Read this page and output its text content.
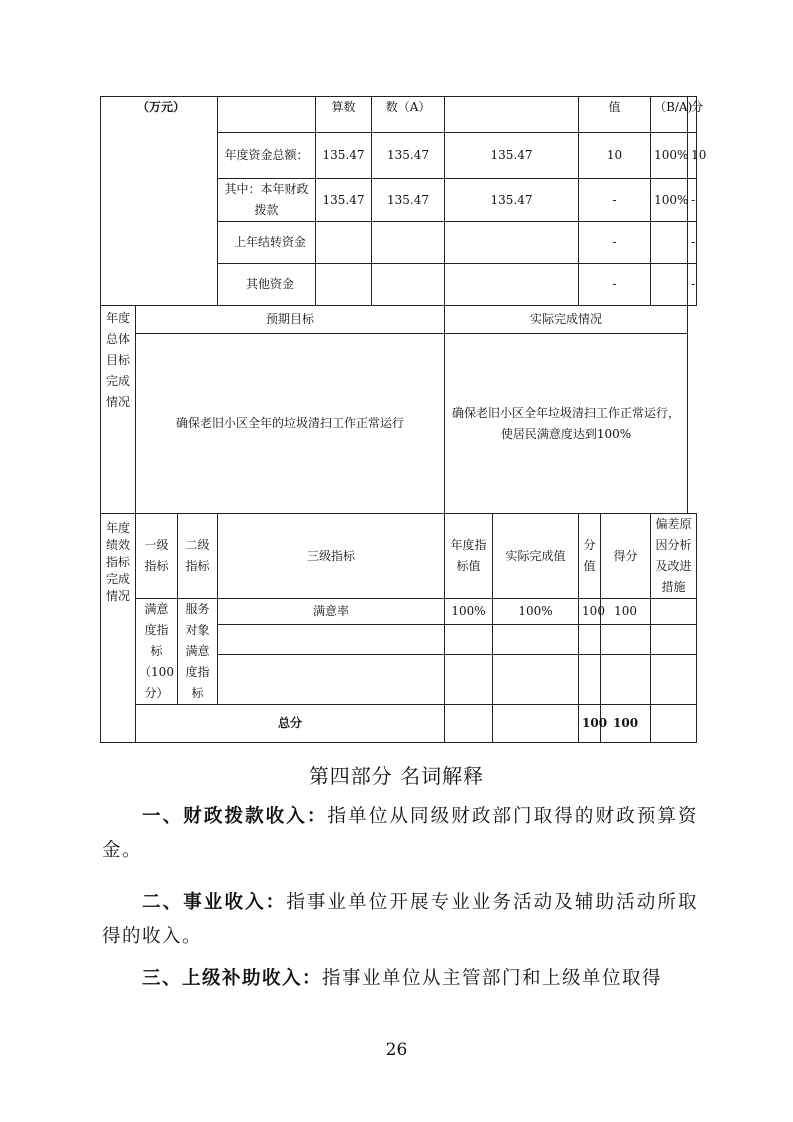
（万元）				算数	数（A）			值		（B/A)	分
			年度资金总额：	135.47	135.47	135.47		10		100%	10
			其中：本年财政拨款	135.47	135.47	135.47		-		100%	-
			上年结转资金					-			-
			其他资金					-			-
年度总体目标完成情况	预期目标					实际完成情况					
	确保老旧小区全年的垃圾清扫工作正常运行					确保老旧小区全年垃圾清扫工作正常运行，使居民满意度达到100%					
年度绩效指标完成情况	一级指标	二级指标	三级指标			年度指标值	实际完成值	分值	得分	偏差原因分析及改进措施	
	满意度指标（100分）	服务对象满意度指标	满意率			100%	100%	100	100		

	总分							100	100		
第四部分 名词解释
一、财政拨款收入：指单位从同级财政部门取得的财政预算资金。
二、事业收入：指事业单位开展专业业务活动及辅助活动所取得的收入。
三、上级补助收入：指事业单位从主管部门和上级单位取得
26
